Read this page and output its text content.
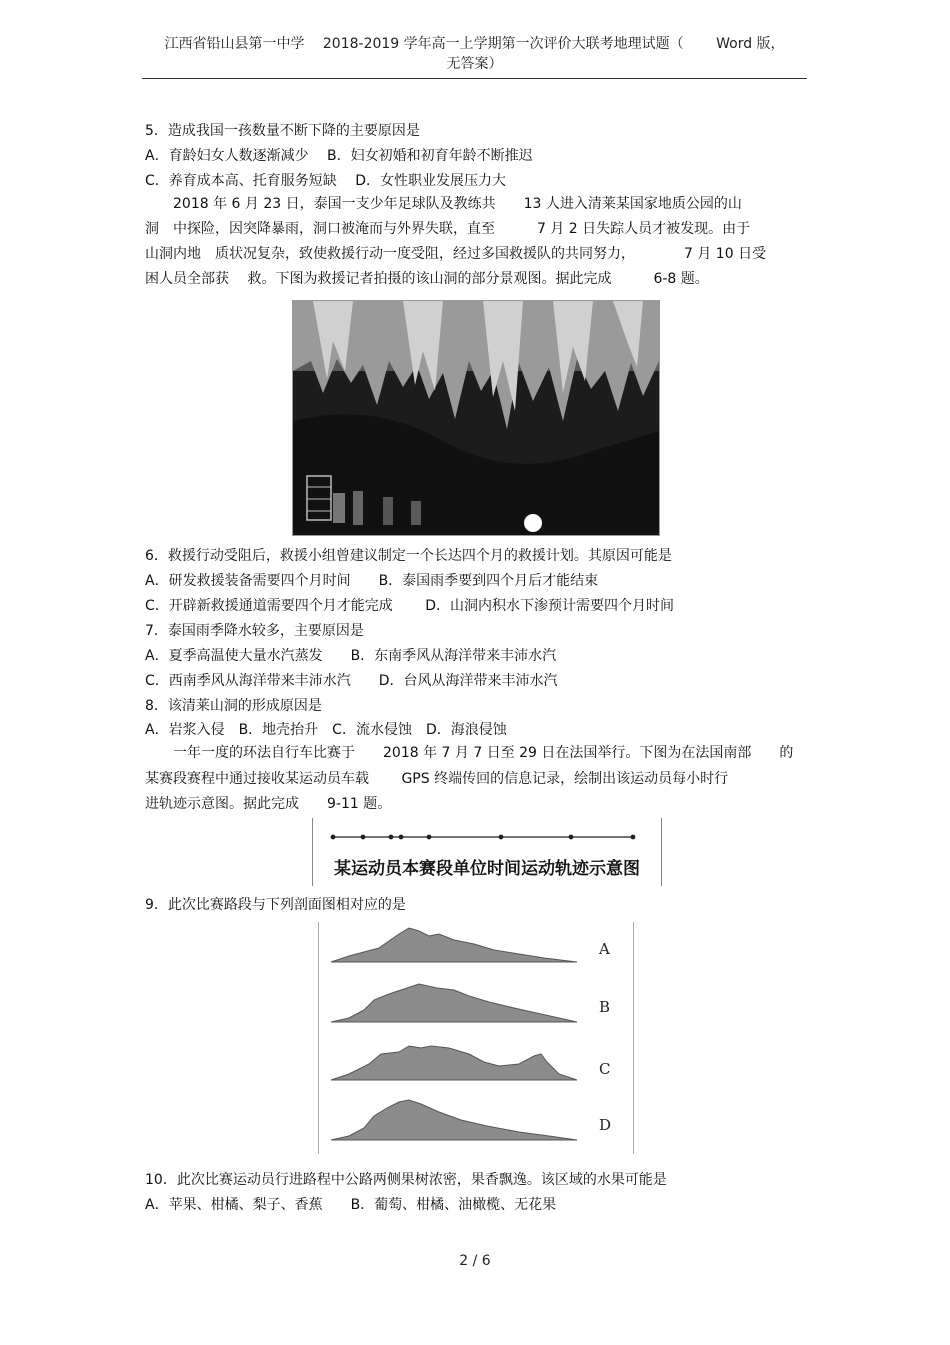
江西省铅山县第一中学　 2018-2019 学年高一上学期第一次评价大联考地理试题（　　 Word 版，
无答案）
5．造成我国一孩数量不断下降的主要原因是
A．育龄妇女人数逐渐减少　 B．妇女初婚和初育年龄不断推迟
C．养育成本高、托育服务短缺　 D．女性职业发展压力大
　　2018 年 6 月 23 日，泰国一支少年足球队及教练共　　13 人进入清莱某国家地质公园的山
洞　中探险，因突降暴雨，洞口被淹而与外界失联，直至　　　7 月 2 日失踪人员才被发现。由于
山洞内地　质状况复杂，致使救援行动一度受阻，经过多国救援队的共同努力，　　　　7 月 10 日受
困人员全部获　 救。下图为救援记者拍摄的该山洞的部分景观图。据此完成　　　6-8 题。
6．救援行动受阻后，救援小组曾建议制定一个长达四个月的救援计划。其原因可能是
A．研发救援装备需要四个月时间　　B．泰国雨季要到四个月后才能结束
C．开辟新救援通道需要四个月才能完成　　 D．山洞内积水下渗预计需要四个月时间
7．泰国雨季降水较多，主要原因是
A．夏季高温使大量水汽蒸发　　B．东南季风从海洋带来丰沛水汽
C．西南季风从海洋带来丰沛水汽　　D．台风从海洋带来丰沛水汽
8．该清莱山洞的形成原因是
A．岩浆入侵　B．地壳抬升　C．流水侵蚀　D．海浪侵蚀
　　一年一度的环法自行车比赛于　　2018 年 7 月 7 日至 29 日在法国举行。下图为在法国南部　　的
某赛段赛程中通过接收某运动员车载　　 GPS 终端传回的信息记录，绘制出该运动员每小时行
进轨迹示意图。据此完成　　9-11 题。
某运动员本赛段单位时间运动轨迹示意图
9．此次比赛路段与下列剖面图相对应的是
A
B
C
D
10．此次比赛运动员行进路程中公路两侧果树浓密，果香飘逸。该区域的水果可能是
A．苹果、柑橘、梨子、香蕉　　B．葡萄、柑橘、油橄榄、无花果
2 / 6
